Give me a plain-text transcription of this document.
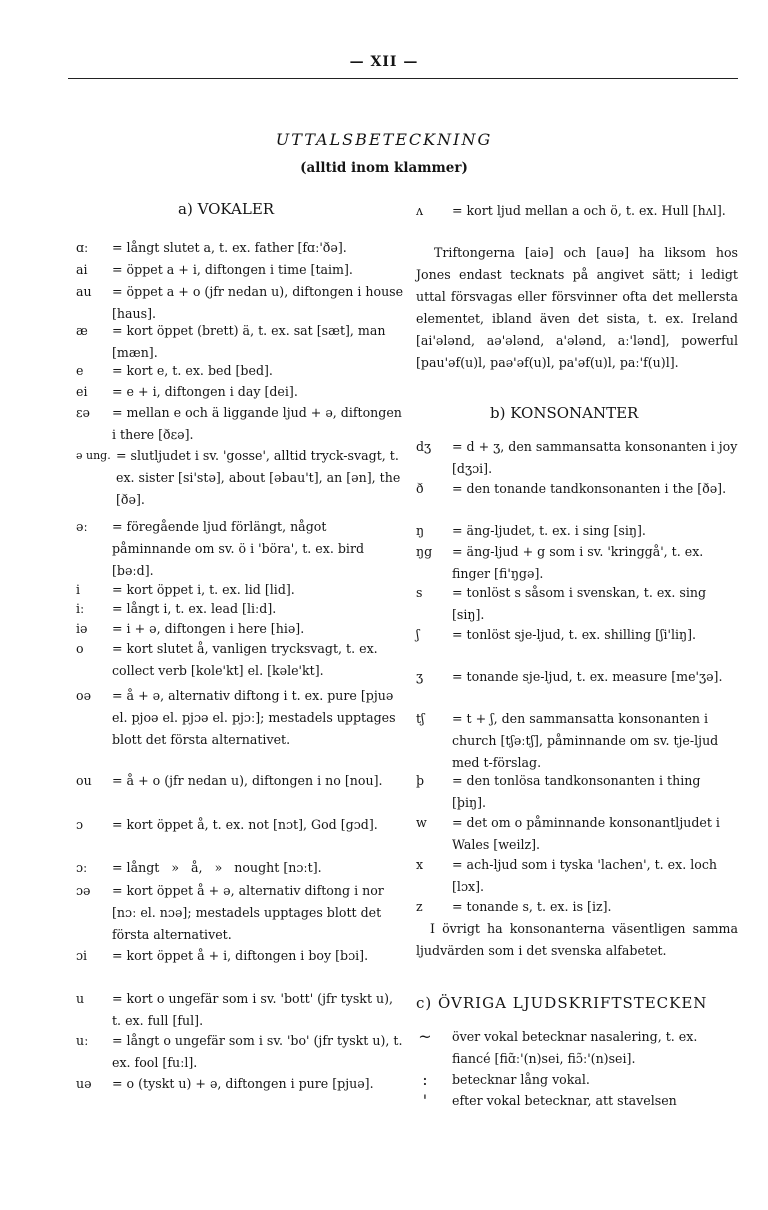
— XII —
UTTALSBETECKNING
(alltid inom klammer)
a) VOKALER
ɑː = långt slutet a, t. ex. father [fɑː'ðə].
ai = öppet a + i, diftongen i time [taim].
au = öppet a + o (jfr nedan u), diftongen i house [haus].
æ = kort öppet (brett) ä, t. ex. sat [sæt], man [mæn].
e = kort e, t. ex. bed [bed].
ei = e + i, diftongen i day [dei].
εə = mellan e och ä liggande ljud + ə, diftongen i there [ðεə].
ə ung. = slutljudet i sv. 'gosse', alltid tryck-svagt, t. ex. sister [si'stə], about [əbau't], an [ən], the [ðə].
əː = föregående ljud förlängt, något påminnande om sv. ö i 'böra', t. ex. bird [bəːd].
i	= kort öppet i, t. ex. lid [lid].
iː = långt i, t. ex. lead [liːd].
iə = i + ə, diftongen i here [hiə].
o = kort slutet å, vanligen trycksvagt, t. ex. collect verb [kole'kt] el. [kəle'kt].
oə = å + ə, alternativ diftong i t. ex. pure [pjuə el. pjoə el. pjɔə el. pjɔː]; mestadels upptages blott det första alternativet.
ou = å + o (jfr nedan u), diftongen i no [nou].
ɔ = kort öppet å, t. ex. not [nɔt], God [gɔd].
ɔː = långt   »   å,   »   nought [nɔːt].
ɔə = kort öppet å + ə, alternativ diftong i nor [nɔː el. nɔə]; mestadels upptages blott det första alternativet.
ɔi = kort öppet å + i, diftongen i boy [bɔi].
u = kort o ungefär som i sv. 'bott' (jfr tyskt u), t. ex. full [ful].
uː = långt o ungefär som i sv. 'bo' (jfr tyskt u), t. ex. fool [fuːl].
uə = o (tyskt u) + ə, diftongen i pure [pjuə].
ʌ = kort ljud mellan a och ö, t. ex. Hull [hʌl].
Triftongerna [aiə] och [auə] ha liksom hos Jones endast tecknats på angivet sätt; i ledigt uttal försvagas eller försvinner ofta det mellersta elementet, ibland även det sista, t. ex. Ireland [ai'ələnd, aə'ələnd, a'ələnd, aː'lənd], powerful [pau'əf(u)l, paə'əf(u)l, pa'əf(u)l, paː'f(u)l].
b) KONSONANTER
dʒ = d + ʒ, den sammansatta konsonanten i joy [dʒɔi].
ð = den tonande tandkonsonanten i the [ðə].
ŋ = äng-ljudet, t. ex. i sing [siŋ].
ŋg = äng-ljud + g som i sv. 'kringgå', t. ex. finger [fi'ŋgə].
s = tonlöst s såsom i svenskan, t. ex. sing [siŋ].
ʃ	= tonlöst sje-ljud, t. ex. shilling [ʃi'liŋ].
ʒ = tonande sje-ljud, t. ex. measure [me'ʒə].
tʃ = t + ʃ, den sammansatta konsonanten i church [tʃəːtʃ], påminnande om sv. tje-ljud med t-förslag.
þ = den tonlösa tandkonsonanten i thing [þiŋ].
w = det om o påminnande konsonantljudet i Wales [weilz].
x = ach-ljud som i tyska 'lachen', t. ex. loch [lɔx].
z = tonande s, t. ex. is [iz].
I övrigt ha konsonanterna väsentligen samma ljudvärden som i det svenska alfabetet.
c) ÖVRIGA LJUDSKRIFTSTECKEN
~ över vokal betecknar nasalering, t. ex. fiancé [fiɑ̃ː'(n)sei, fiɔ̃ː'(n)sei].
:	betecknar lång vokal.
'	efter vokal betecknar, att stavelsen
